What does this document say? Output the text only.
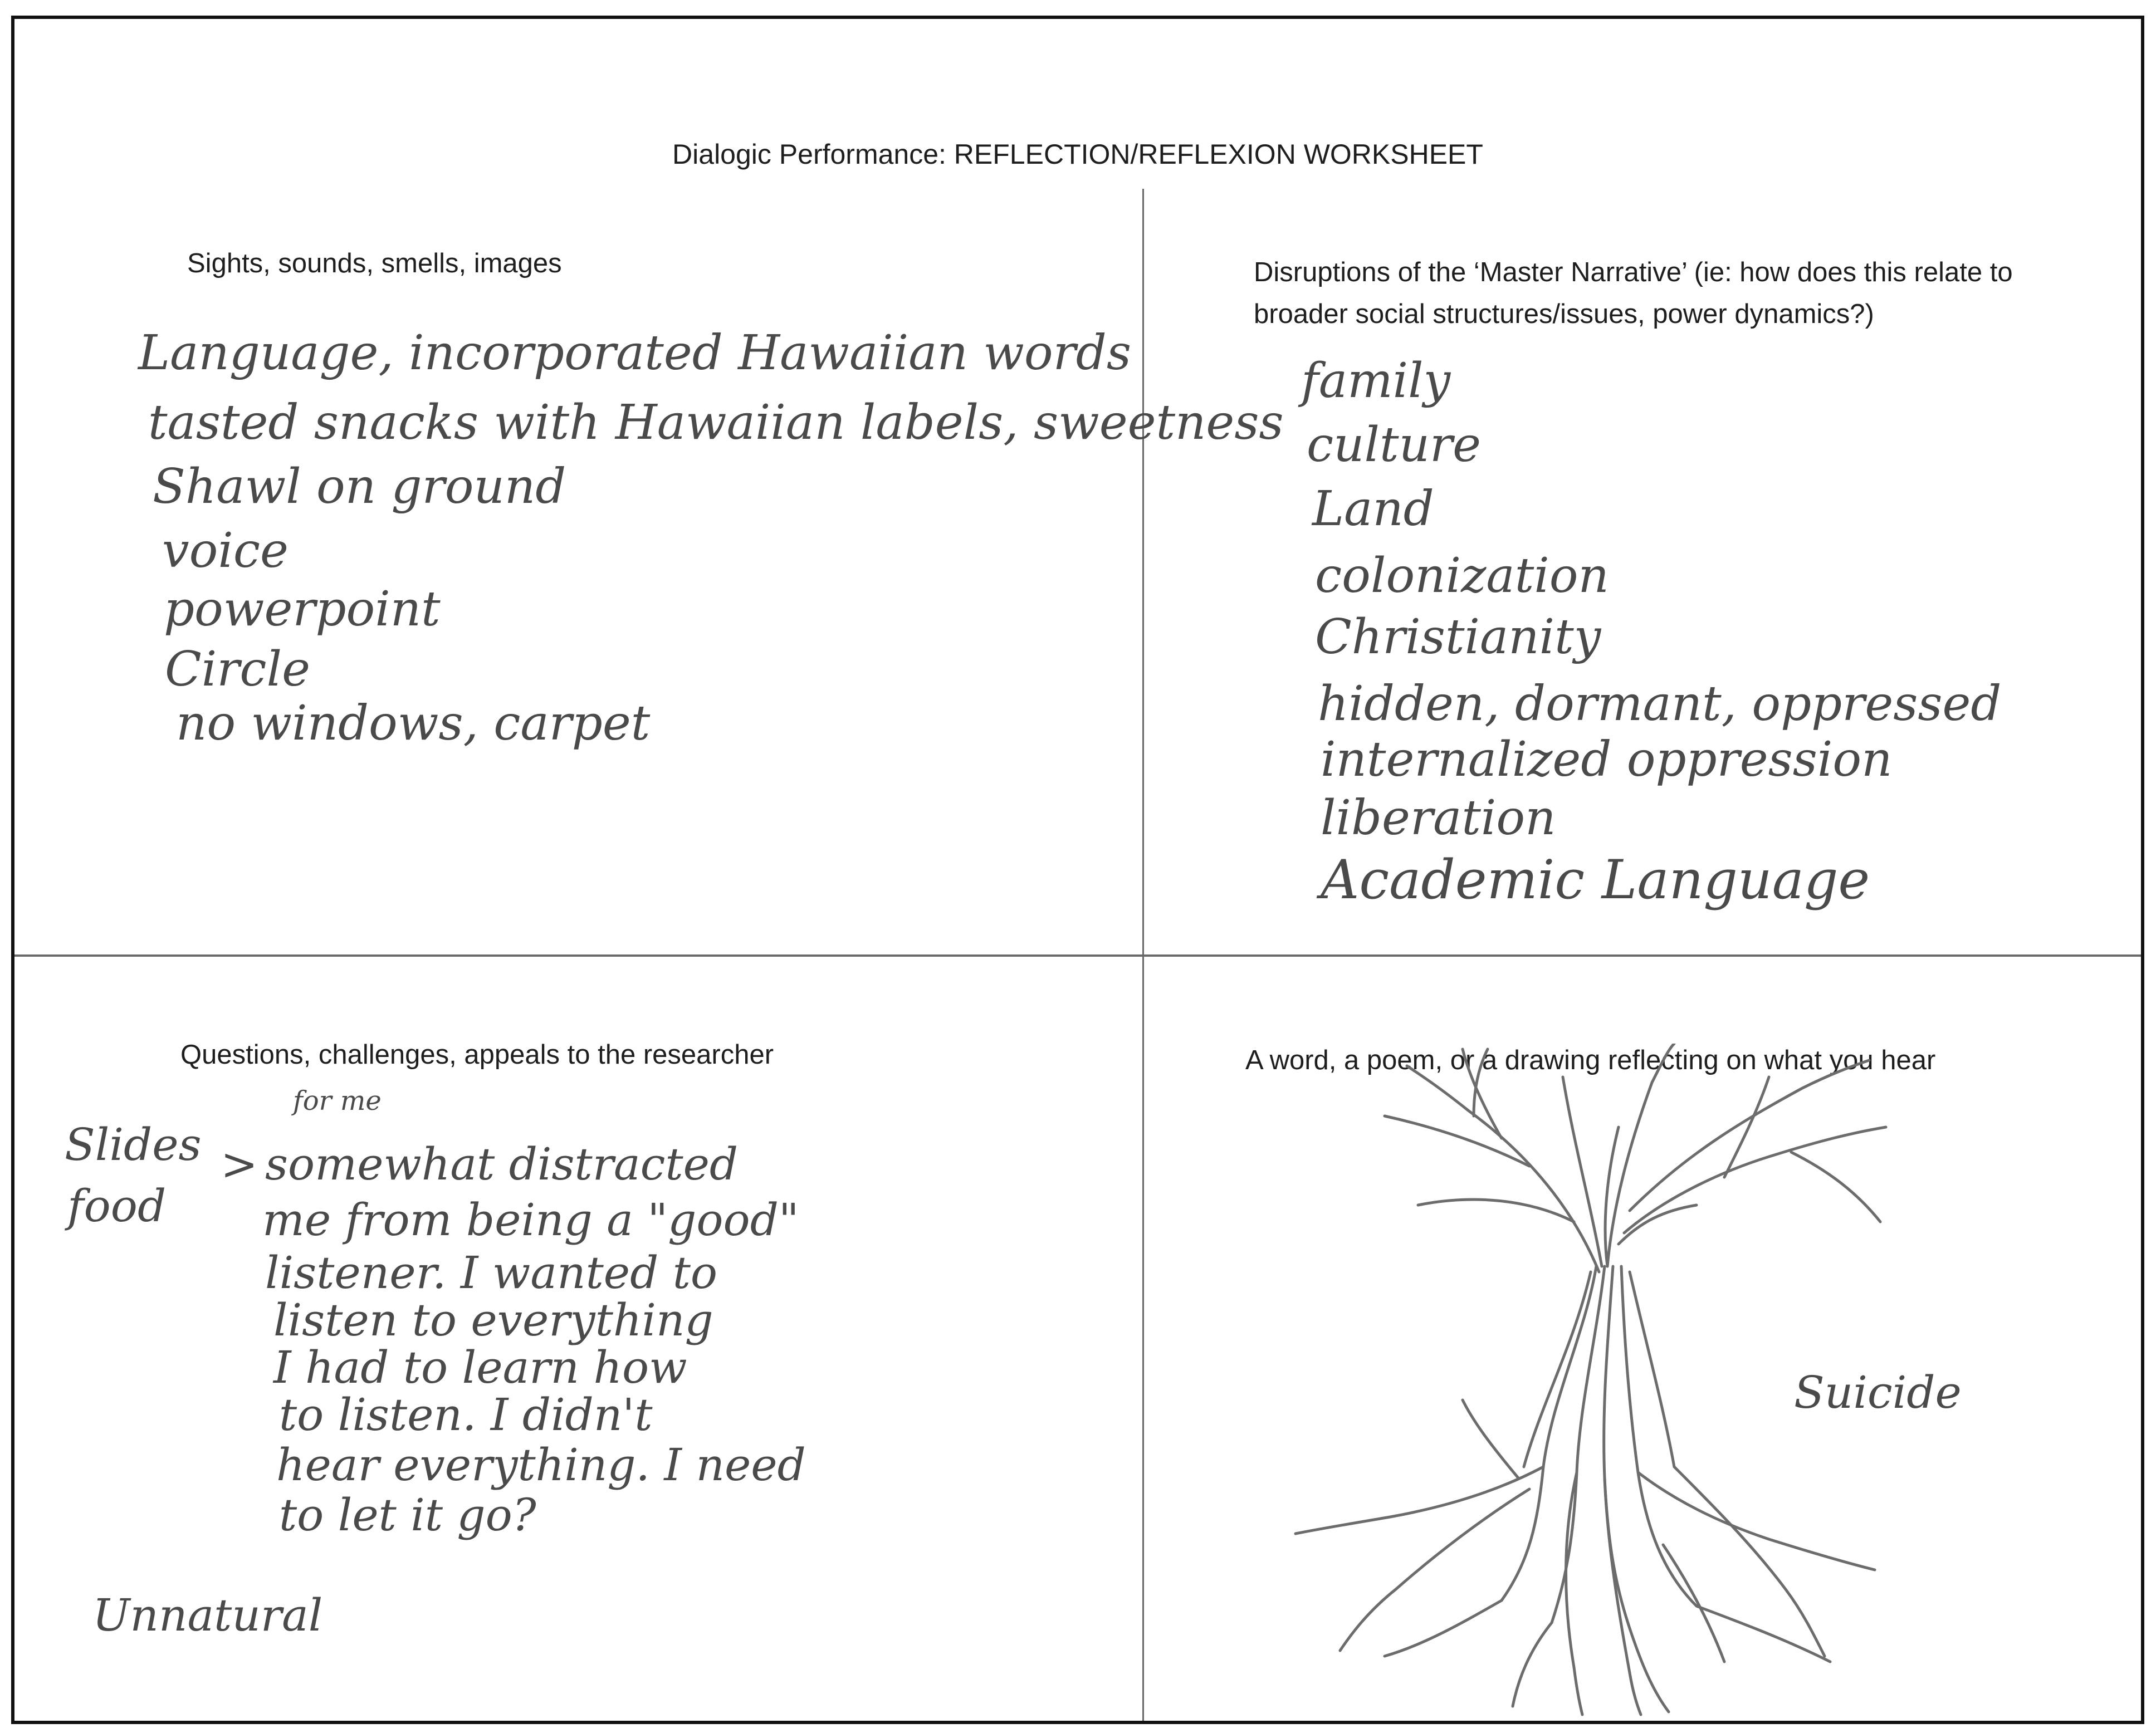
Dialogic Performance: REFLECTION/REFLEXION WORKSHEET
Sights, sounds, smells, images
Language, incorporated Hawaiian words
tasted snacks with Hawaiian labels, sweetness
Shawl on ground
voice
powerpoint
Circle
no windows, carpet
Disruptions of the ‘Master Narrative’ (ie: how does this relate to
broader social structures/issues, power dynamics?)
family
culture
Land
colonization
Christianity
hidden, dormant, oppressed
internalized oppression
liberation
Academic Language
Questions, challenges, appeals to the researcher
for me
Slides
food
> somewhat distracted
me from being a "good"
listener. I wanted to
listen to everything
I had to learn how
to listen. I didn't
hear everything. I need
to let it go?
Unnatural
A word, a poem, or a drawing reflecting on what you hear
Suicide
